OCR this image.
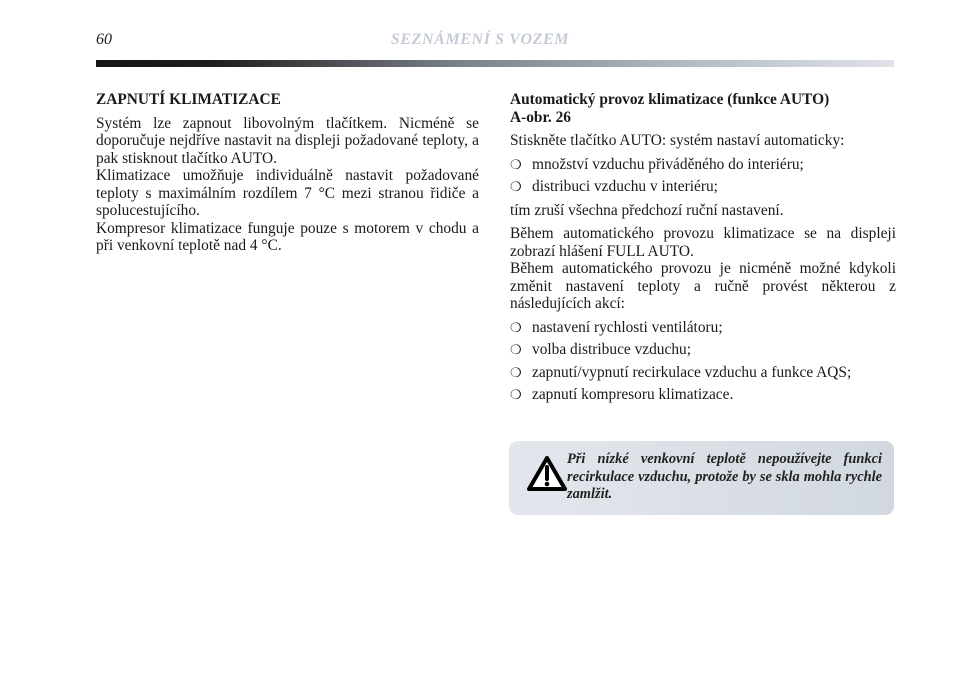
60	SEZNÁMENÍ S VOZEM
ZAPNUTÍ KLIMATIZACE

Systém lze zapnout libovolným tlačítkem. Nicméně se doporučuje nejdříve nastavit na displeji požadované teploty, a pak stisknout tlačítko AUTO.

Klimatizace umožňuje individuálně nastavit požadované teploty s maximálním rozdílem 7 °C mezi stranou řidiče a spolucestujícího.

Kompresor klimatizace funguje pouze s motorem v chodu a při venkovní teplotě nad 4 °C.

Automatický provoz klimatizace (funkce AUTO)
A-obr. 26

Stiskněte tlačítko AUTO: systém nastaví automaticky:

❍ množství vzduchu přiváděného do interiéru;
❍ distribuci vzduchu v interiéru;

tím zruší všechna předchozí ruční nastavení.

Během automatického provozu klimatizace se na displeji zobrazí hlášení FULL AUTO.

Během automatického provozu je nicméně možné kdykoli změnit nastavení teploty a ručně provést některou z následujících akcí:

❍ nastavení rychlosti ventilátoru;
❍ volba distribuce vzduchu;
❍ zapnutí/vypnutí recirkulace vzduchu a funkce AQS;
❍ zapnutí kompresoru klimatizace.
Při nízké venkovní teplotě nepoužívejte funkci recirkulace vzduchu, protože by se skla mohla rychle zamlžit.
